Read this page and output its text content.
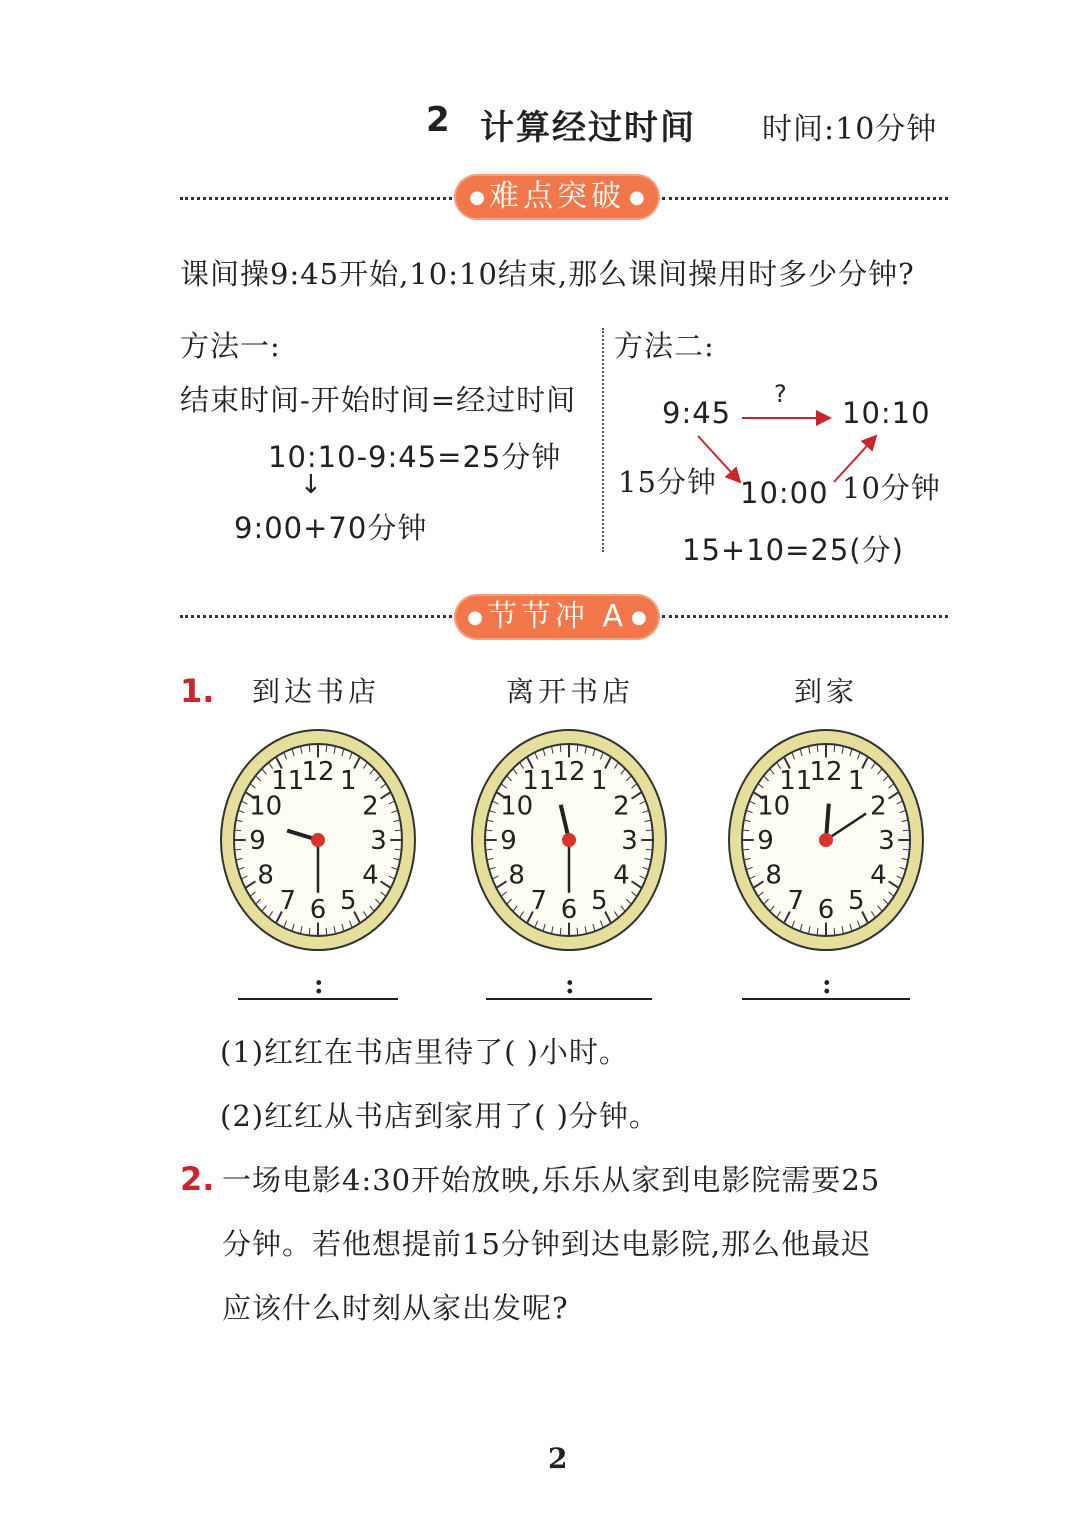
2 计算经过时间 时间:10分钟
● 难点突破 ●
课间操9:45开始,10:10结束,那么课间操用时多少分钟?
方法一:
结束时间-开始时间=经过时间
10:10-9:45=25分钟
↓
9:00+70分钟
方法二:
9:45
?
10:10
15分钟 10:00 10分钟
15+10=25(分)
● 节节冲 A ●
1.	到达书店	离开书店	到家
1
2
3
4
5
6
7
8
9
10
11
12	1
2
3
4
5
6
7
8
9
10
11
12	1
2
3
4
5
6
7
8
9
10
11
12
:	:	:
(1)红红在书店里待了( )小时。
(2)红红从书店到家用了( )分钟。
2. 一场电影4:30开始放映,乐乐从家到电影院需要25
分钟。若他想提前15分钟到达电影院,那么他最迟
应该什么时刻从家出发呢?
2
